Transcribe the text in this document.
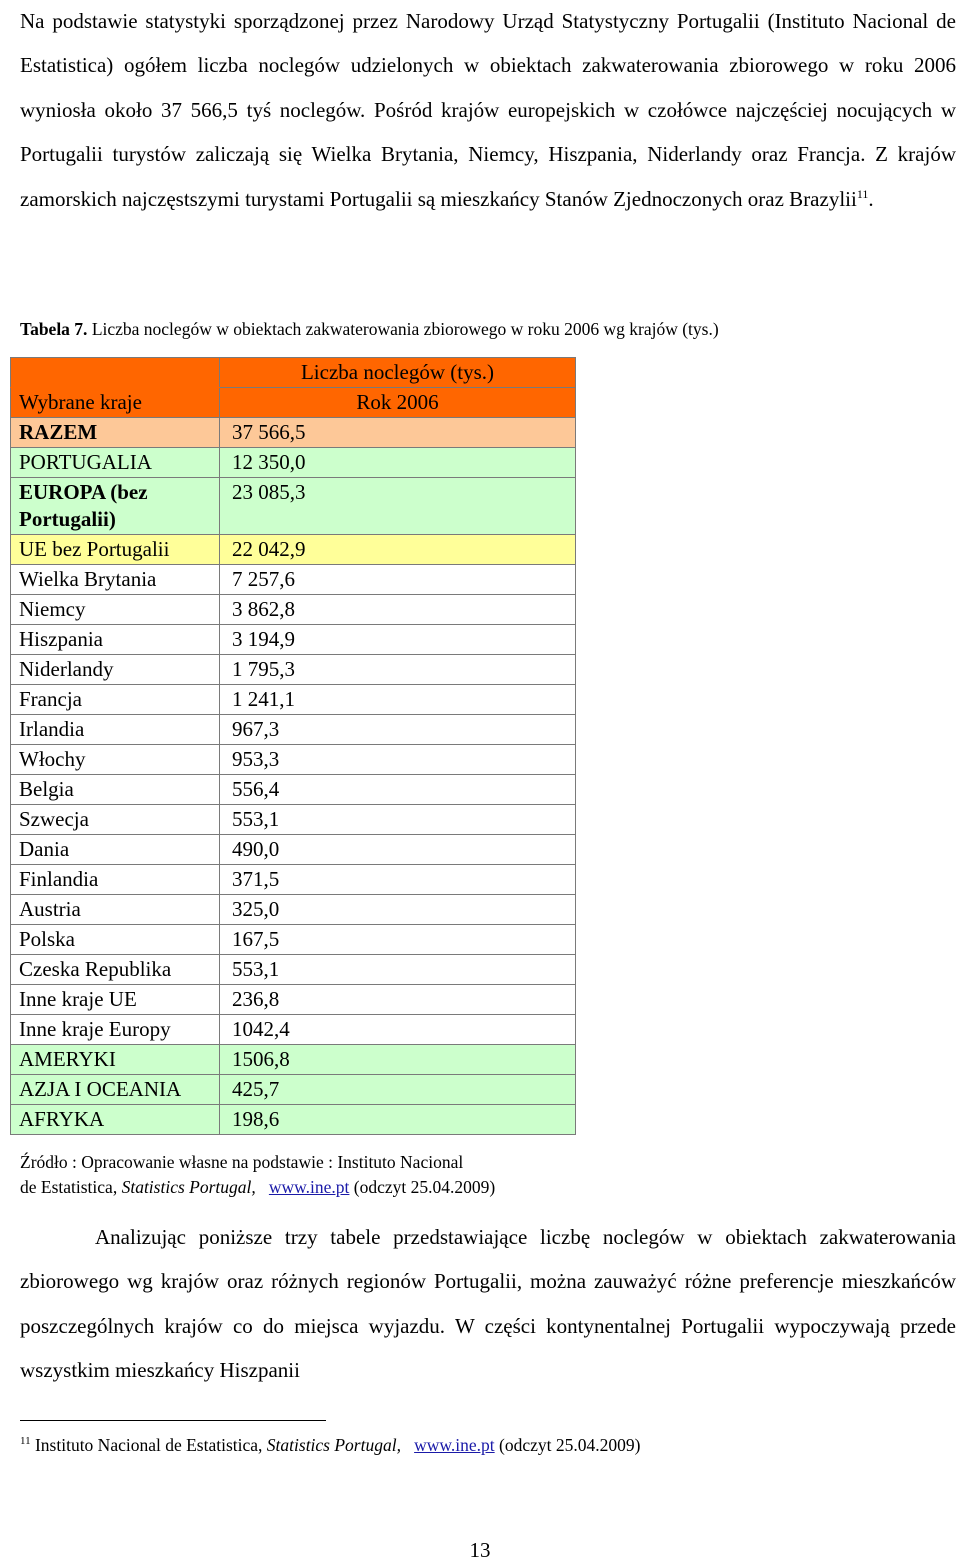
Na podstawie statystyki sporządzonej przez Narodowy Urząd Statystyczny Portugalii (Instituto Nacional de Estatistica) ogółem liczba noclegów udzielonych w obiektach zakwaterowania zbiorowego w roku 2006 wyniosła około 37 566,5 tyś noclegów. Pośród krajów europejskich w czołówce najczęściej nocujących w Portugalii turystów zaliczają się Wielka Brytania, Niemcy, Hiszpania, Niderlandy oraz Francja. Z krajów zamorskich najczęstszymi turystami Portugalii są mieszkańcy Stanów Zjednoczonych oraz Brazylii$^{11}$.

Tabela 7. Liczba noclegów w obiektach zakwaterowania zbiorowego w roku 2006 wg krajów (tys.)
	Liczba noclegów (tys.)
Wybrane kraje	Rok 2006
RAZEM	37 566,5
PORTUGALIA	12 350,0
EUROPA (bez Portugalii)	23 085,3
UE bez Portugalii	22 042,9
Wielka Brytania	7 257,6
Niemcy	3 862,8
Hiszpania	3 194,9
Niderlandy	1 795,3
Francja	1 241,1
Irlandia	967,3
Włochy	953,3
Belgia	556,4
Szwecja	553,1
Dania	490,0
Finlandia	371,5
Austria	325,0
Polska	167,5
Czeska Republika	553,1
Inne kraje UE	236,8
Inne kraje Europy	1042,4
AMERYKI	1506,8
AZJA I OCEANIA	425,7
AFRYKA	198,6
Źródło : Opracowanie własne na podstawie : Instituto Nacional
de Estatistica, Statistics Portugal, www.ine.pt (odczyt 25.04.2009)

Analizując poniższe trzy tabele przedstawiające liczbę noclegów w obiektach zakwaterowania zbiorowego wg krajów oraz różnych regionów Portugalii, można zauważyć różne preferencje mieszkańców poszczególnych krajów co do miejsca wyjazdu. W części kontynentalnej Portugalii wypoczywają przede wszystkim mieszkańcy Hiszpanii

$^{11}$ Instituto Nacional de Estatistica, Statistics Portugal, www.ine.pt (odczyt 25.04.2009)
13
